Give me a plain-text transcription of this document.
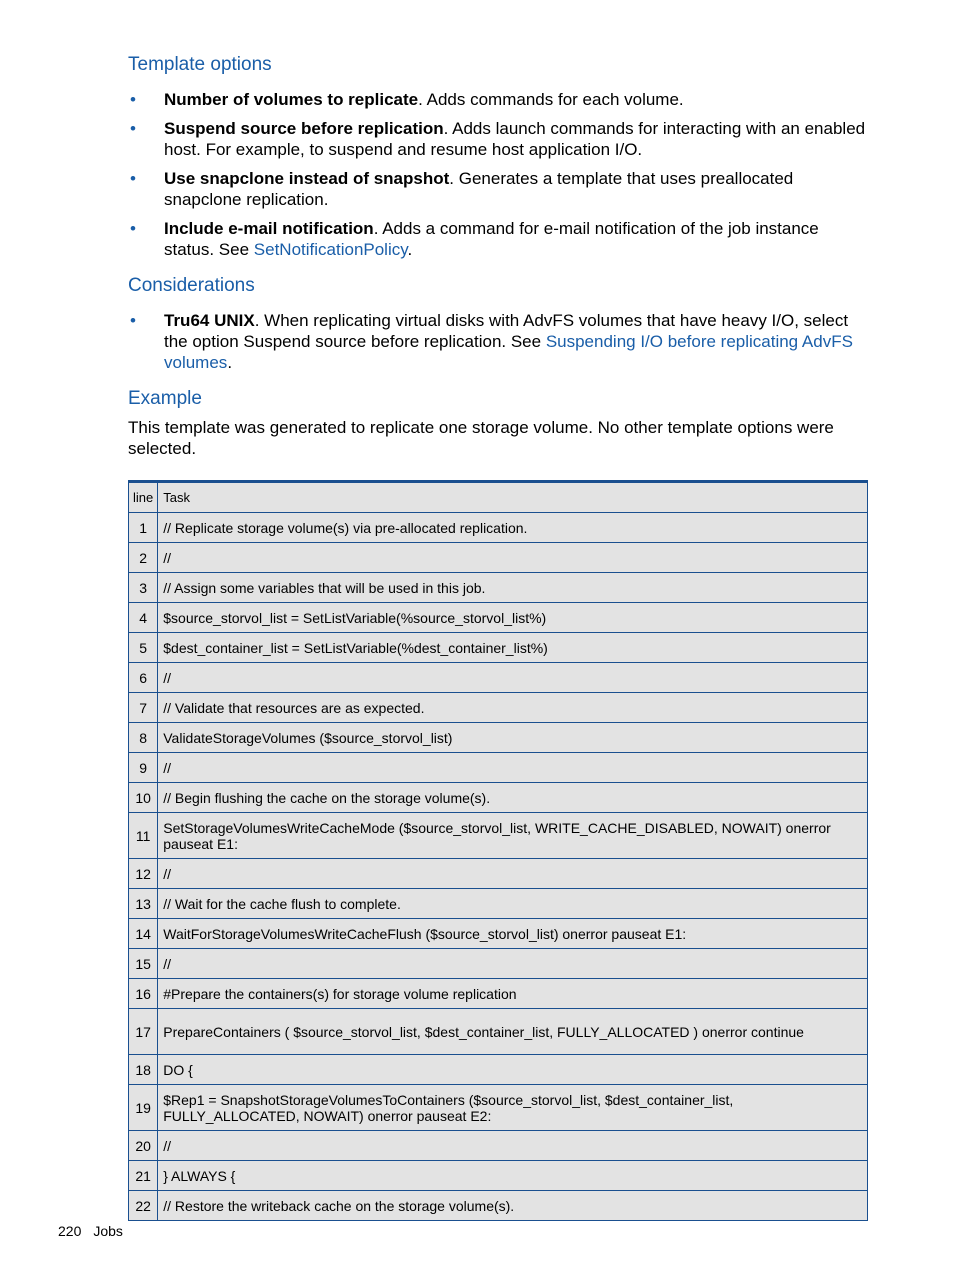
Template options
• Number of volumes to replicate. Adds commands for each volume.
• Suspend source before replication. Adds launch commands for interacting with an enabled host. For example, to suspend and resume host application I/O.
• Use snapclone instead of snapshot. Generates a template that uses preallocated snapclone replication.
• Include e-mail notification. Adds a command for e-mail notification of the job instance status. See SetNotificationPolicy.
Considerations
• Tru64 UNIX. When replicating virtual disks with AdvFS volumes that have heavy I/O, select the option Suspend source before replication. See Suspending I/O before replicating AdvFS volumes.
Example

This template was generated to replicate one storage volume. No other template options were selected.

line	Task
1	// Replicate storage volume(s) via pre-allocated replication.
2	//
3	// Assign some variables that will be used in this job.
4	$source_storvol_list = SetListVariable(%source_storvol_list%)
5	$dest_container_list = SetListVariable(%dest_container_list%)
6	//
7	// Validate that resources are as expected.
8	ValidateStorageVolumes ($source_storvol_list)
9	//
10	// Begin flushing the cache on the storage volume(s).
11	SetStorageVolumesWriteCacheMode ($source_storvol_list, WRITE_CACHE_DISABLED, NOWAIT) onerror pauseat E1:
12	//
13	// Wait for the cache flush to complete.
14	WaitForStorageVolumesWriteCacheFlush ($source_storvol_list) onerror pauseat E1:
15	//
16	#Prepare the containers(s) for storage volume replication
17	PrepareContainers ( $source_storvol_list, $dest_container_list, FULLY_ALLOCATED ) onerror continue
18	DO {
19	$Rep1 = SnapshotStorageVolumesToContainers ($source_storvol_list, $dest_container_list, FULLY_ALLOCATED, NOWAIT) onerror pauseat E2:
20	//
21	} ALWAYS {
22	// Restore the writeback cache on the storage volume(s).
220 Jobs
